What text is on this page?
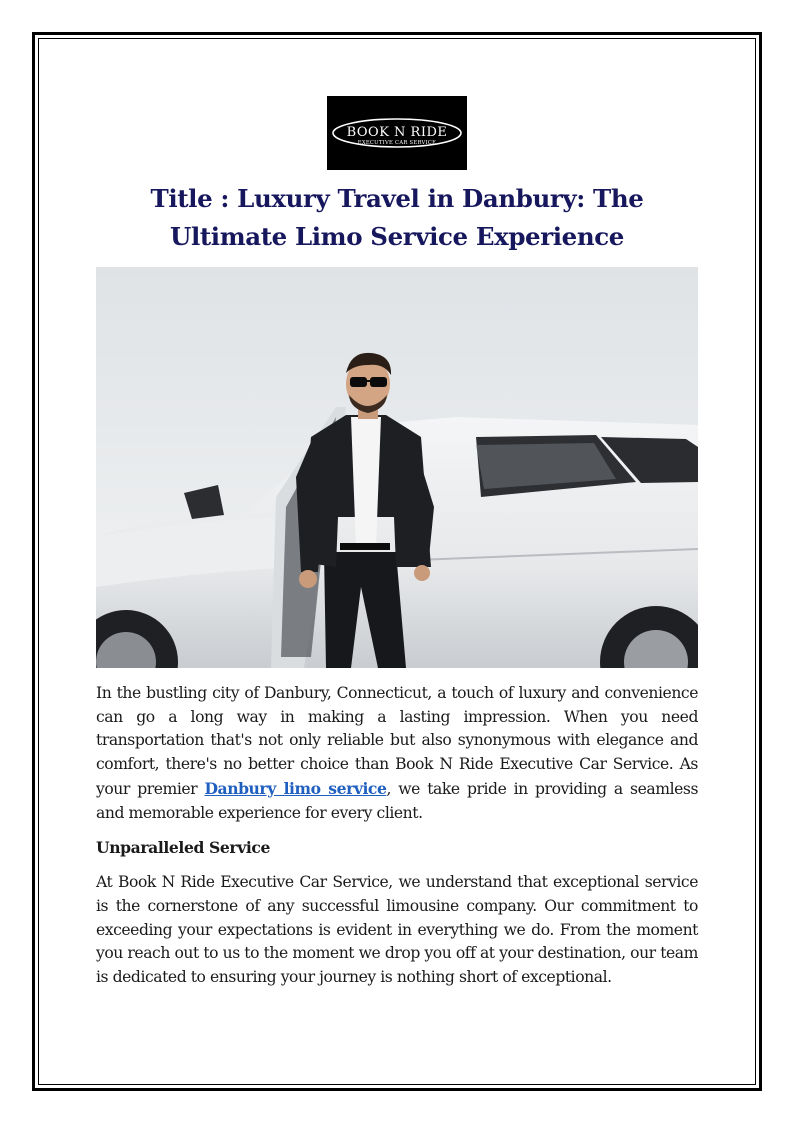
BOOK N RIDE
EXECUTIVE CAR SERVICE
Title : Luxury Travel in Danbury: The Ultimate Limo Service Experience

In the bustling city of Danbury, Connecticut, a touch of luxury and convenience can go a long way in making a lasting impression. When you need transportation that's not only reliable but also synonymous with elegance and comfort, there's no better choice than Book N Ride Executive Car Service. As your premier Danbury limo service, we take pride in providing a seamless and memorable experience for every client.

Unparalleled Service

At Book N Ride Executive Car Service, we understand that exceptional service is the cornerstone of any successful limousine company. Our commitment to exceeding your expectations is evident in everything we do. From the moment you reach out to us to the moment we drop you off at your destination, our team is dedicated to ensuring your journey is nothing short of exceptional.
